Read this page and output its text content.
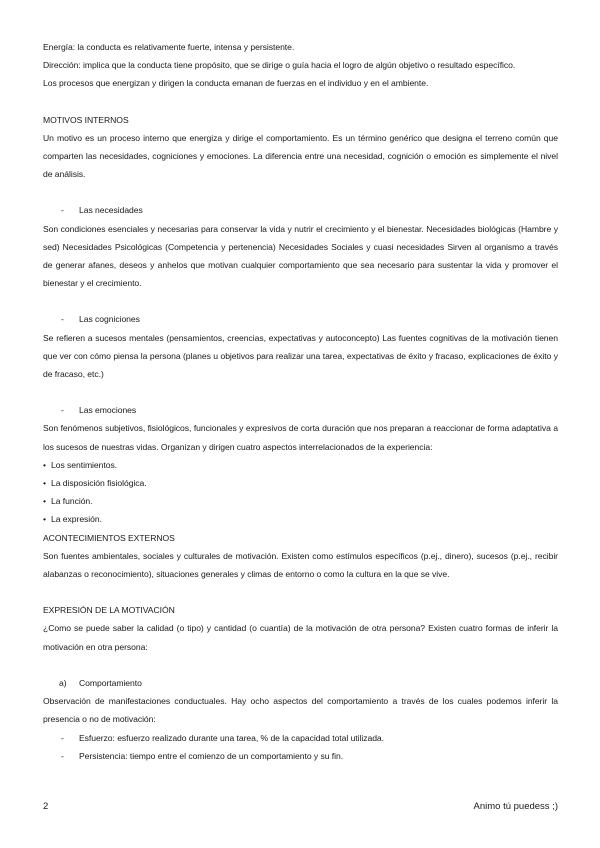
Energía: la conducta es relativamente fuerte, intensa y persistente.

Dirección: implica que la conducta tiene propósito, que se dirige o guía hacia el logro de algún objetivo o resultado específico.

Los procesos que energizan y dirigen la conducta emanan de fuerzas en el individuo y en el ambiente.

MOTIVOS INTERNOS

Un motivo es un proceso interno que energiza y dirige el comportamiento. Es un término genérico que designa el terreno común que comparten las necesidades, cogniciones y emociones. La diferencia entre una necesidad, cognición o emoción es simplemente el nivel de análisis.

- Las necesidades

Son condiciones esenciales y necesarias para conservar la vida y nutrir el crecimiento y el bienestar. Necesidades biológicas (Hambre y sed) Necesidades Psicológicas (Competencia y pertenencia) Necesidades Sociales y cuasi necesidades Sirven al organismo a través de generar afanes, deseos y anhelos que motivan cualquier comportamiento que sea necesario para sustentar la vida y promover el bienestar y el crecimiento.

- Las cogniciones

Se refieren a sucesos mentales (pensamientos, creencias, expectativas y autoconcepto) Las fuentes cognitivas de la motivación tienen que ver con cómo piensa la persona (planes u objetivos para realizar una tarea, expectativas de éxito y fracaso, explicaciones de éxito y de fracaso, etc.)

- Las emociones

Son fenómenos subjetivos, fisiológicos, funcionales y expresivos de corta duración que nos preparan a reaccionar de forma adaptativa a los sucesos de nuestras vidas. Organizan y dirigen cuatro aspectos interrelacionados de la experiencia:

• Los sentimientos.

• La disposición fisiológica.

• La función.

• La expresión.

ACONTECIMIENTOS EXTERNOS

Son fuentes ambientales, sociales y culturales de motivación. Existen como estímulos específicos (p.ej., dinero), sucesos (p.ej., recibir alabanzas o reconocimiento), situaciones generales y climas de entorno o como la cultura en la que se vive.

EXPRESIÓN DE LA MOTIVACIÓN

¿Como se puede saber la calidad (o tipo) y cantidad (o cuantía) de la motivación de otra persona? Existen cuatro formas de inferir la motivación en otra persona:

a) Comportamiento

Observación de manifestaciones conductuales. Hay ocho aspectos del comportamiento a través de los cuales podemos inferir la presencia o no de motivación:

- Esfuerzo: esfuerzo realizado durante una tarea, % de la capacidad total utilizada.

- Persistencia: tiempo entre el comienzo de un comportamiento y su fin.

2	Animo tú puedess ;)
